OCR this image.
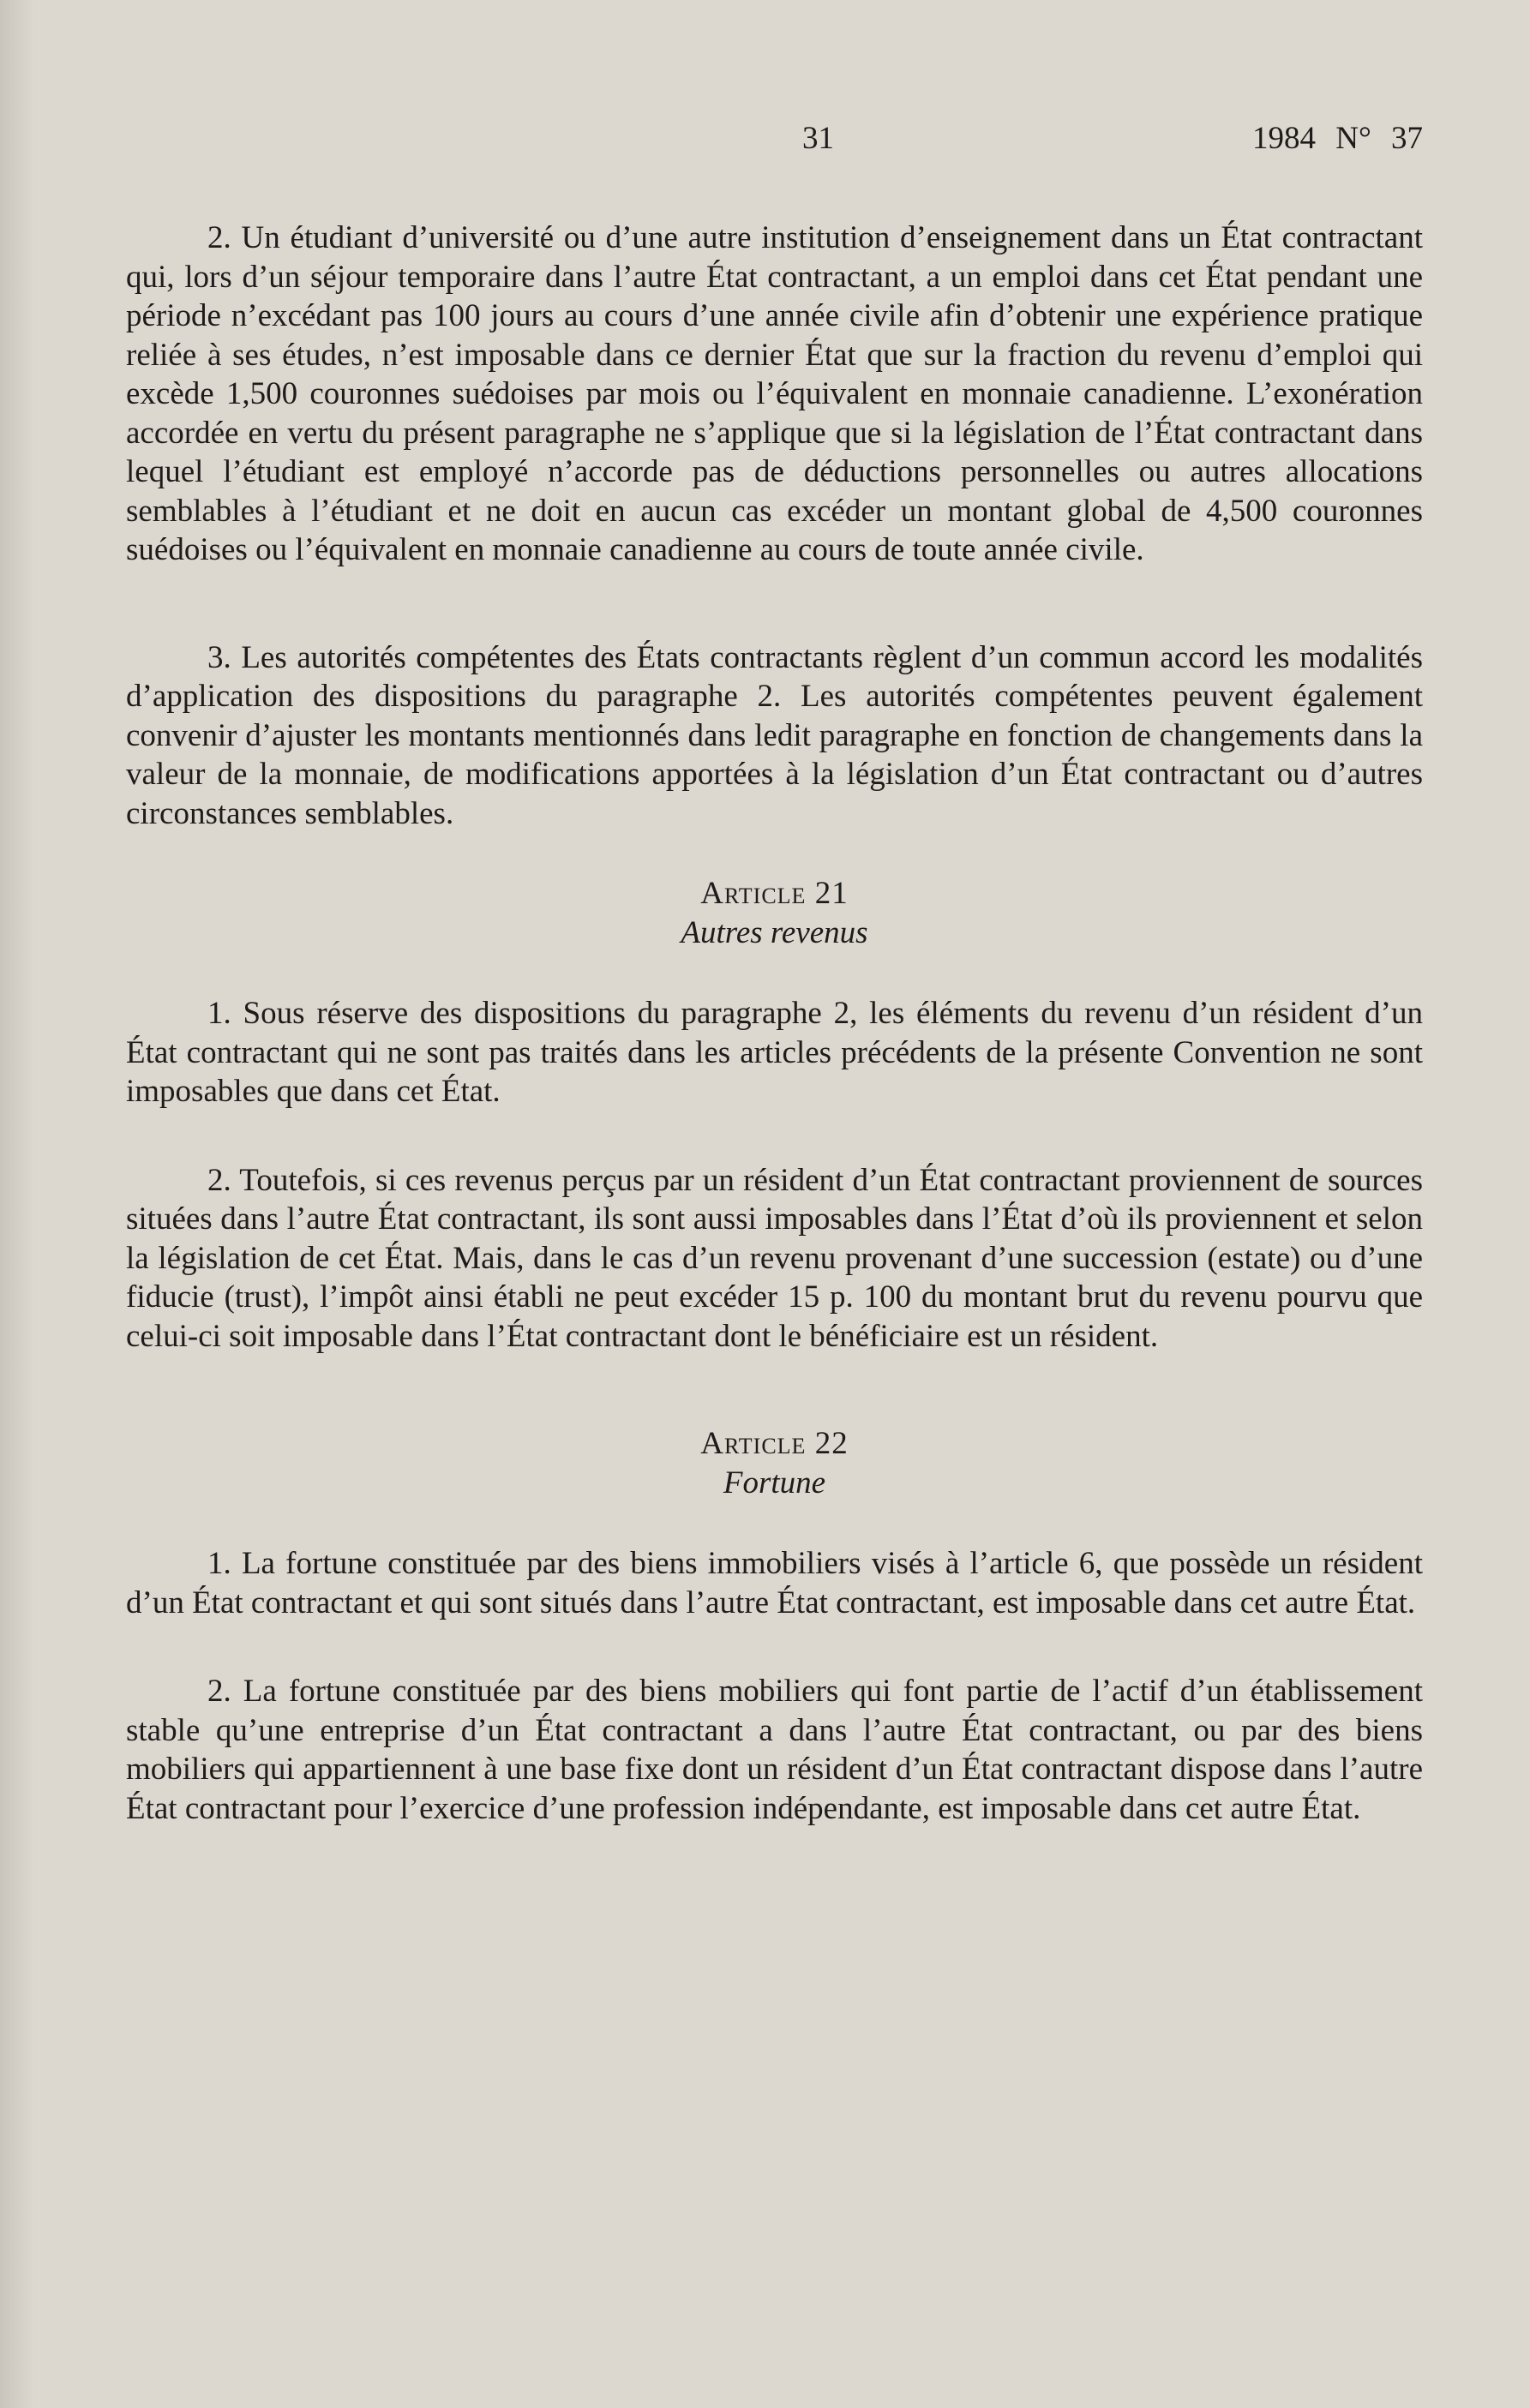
31	1984 N° 37

2. Un étudiant d’université ou d’une autre institution d’enseignement dans un État contractant qui, lors d’un séjour temporaire dans l’autre État contractant, a un emploi dans cet État pendant une période n’excédant pas 100 jours au cours d’une année civile afin d’obtenir une expérience pratique reliée à ses études, n’est imposable dans ce dernier État que sur la fraction du revenu d’emploi qui excède 1,500 couronnes suédoises par mois ou l’équivalent en monnaie canadienne. L’exonération accordée en vertu du présent paragraphe ne s’applique que si la législation de l’État contractant dans lequel l’étudiant est employé n’accorde pas de déductions personnelles ou autres allocations semblables à l’étudiant et ne doit en aucun cas excéder un montant global de 4,500 couronnes suédoises ou l’équivalent en monnaie canadienne au cours de toute année civile.

3. Les autorités compétentes des États contractants règlent d’un commun accord les modalités d’application des dispositions du paragraphe 2. Les autorités compétentes peuvent également convenir d’ajuster les montants mentionnés dans ledit paragraphe en fonction de changements dans la valeur de la monnaie, de modifications apportées à la législation d’un État contractant ou d’autres circonstances semblables.

Article 21

Autres revenus

1. Sous réserve des dispositions du paragraphe 2, les éléments du revenu d’un résident d’un État contractant qui ne sont pas traités dans les articles précédents de la présente Convention ne sont imposables que dans cet État.

2. Toutefois, si ces revenus perçus par un résident d’un État contractant proviennent de sources situées dans l’autre État contractant, ils sont aussi imposables dans l’État d’où ils proviennent et selon la législation de cet État. Mais, dans le cas d’un revenu provenant d’une succession (estate) ou d’une fiducie (trust), l’impôt ainsi établi ne peut excéder 15 p. 100 du montant brut du revenu pourvu que celui-ci soit imposable dans l’État contractant dont le bénéficiaire est un résident.

Article 22

Fortune

1. La fortune constituée par des biens immobiliers visés à l’article 6, que possède un résident d’un État contractant et qui sont situés dans l’autre État contractant, est imposable dans cet autre État.

2. La fortune constituée par des biens mobiliers qui font partie de l’actif d’un établissement stable qu’une entreprise d’un État contractant a dans l’autre État contractant, ou par des biens mobiliers qui appartiennent à une base fixe dont un résident d’un État contractant dispose dans l’autre État contractant pour l’exercice d’une profession indépendante, est imposable dans cet autre État.
